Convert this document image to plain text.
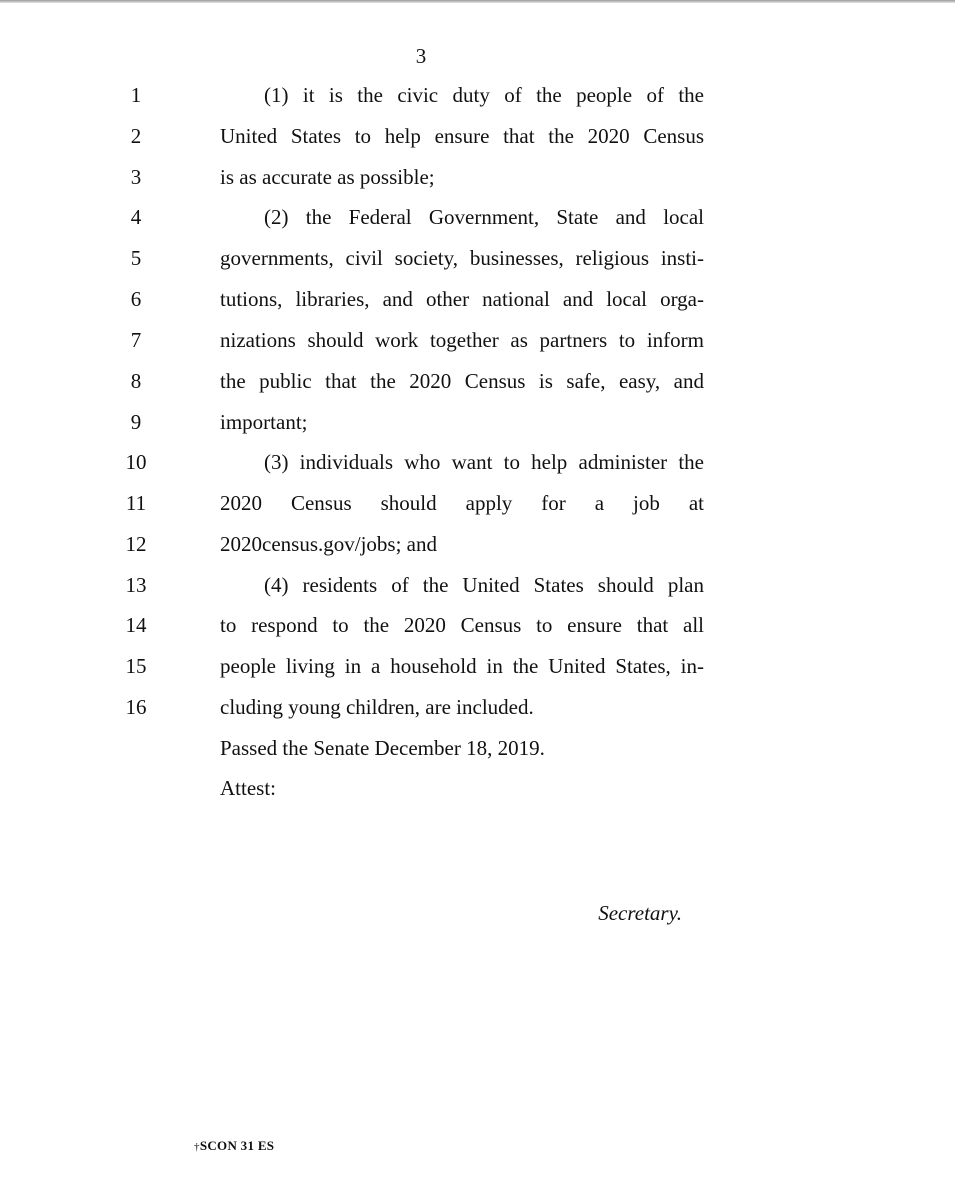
3
1	(1) it is the civic duty of the people of the
2	United States to help ensure that the 2020 Census
3	is as accurate as possible;
4	(2) the Federal Government, State and local
5	governments, civil society, businesses, religious insti-
6	tutions, libraries, and other national and local orga-
7	nizations should work together as partners to inform
8	the public that the 2020 Census is safe, easy, and
9	important;
10	(3) individuals who want to help administer the
11	2020 Census should apply for a job at
12	2020census.gov/jobs; and
13	(4) residents of the United States should plan
14	to respond to the 2020 Census to ensure that all
15	people living in a household in the United States, in-
16	cluding young children, are included.
Passed the Senate December 18, 2019.
Attest:
Secretary.
†SCON 31 ES
